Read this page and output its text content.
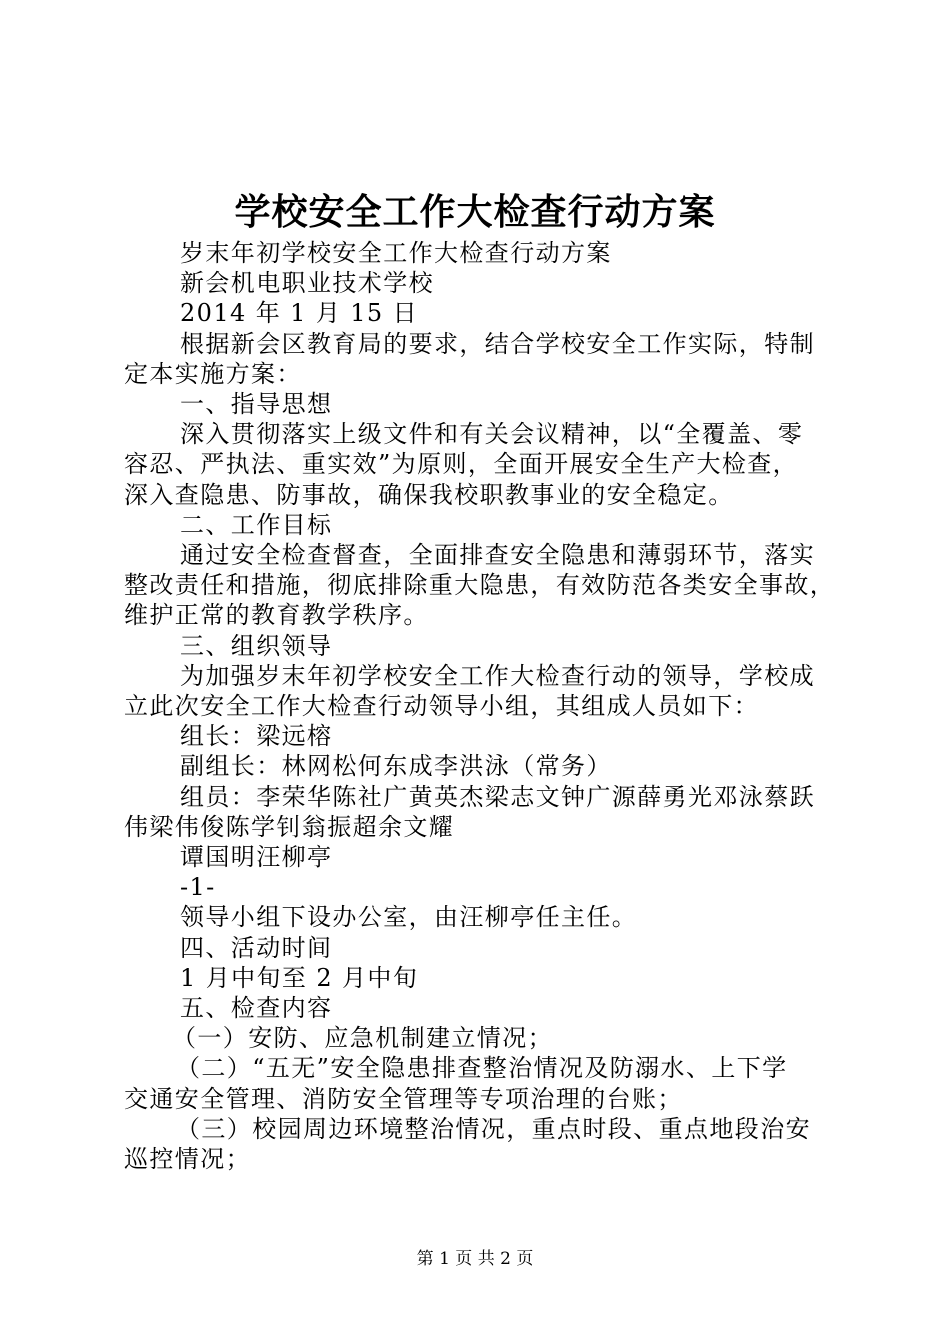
学校安全工作大检查行动方案

岁末年初学校安全工作大检查行动方案

新会机电职业技术学校

2014 年 1 月 15 日

根据新会区教育局的要求，结合学校安全工作实际，特制

定本实施方案：

一、指导思想

深入贯彻落实上级文件和有关会议精神，以“全覆盖、零

容忍、严执法、重实效”为原则，全面开展安全生产大检查，

深入查隐患、防事故，确保我校职教事业的安全稳定。

二、工作目标

通过安全检查督查，全面排查安全隐患和薄弱环节，落实

整改责任和措施，彻底排除重大隐患，有效防范各类安全事故，

维护正常的教育教学秩序。

三、组织领导

为加强岁末年初学校安全工作大检查行动的领导，学校成

立此次安全工作大检查行动领导小组，其组成人员如下：

组长：梁远榕

副组长：林网松何东成李洪泳（常务）

组员：李荣华陈社广黄英杰梁志文钟广源薛勇光邓泳蔡跃

伟梁伟俊陈学钊翁振超余文耀

谭国明汪柳亭

-1-

领导小组下设办公室，由汪柳亭任主任。

四、活动时间

1 月中旬至 2 月中旬

五、检查内容

（一）安防、应急机制建立情况；

（二）“五无”安全隐患排查整治情况及防溺水、上下学

交通安全管理、消防安全管理等专项治理的台账；

（三）校园周边环境整治情况，重点时段、重点地段治安

巡控情况；

第 1 页 共 2 页
